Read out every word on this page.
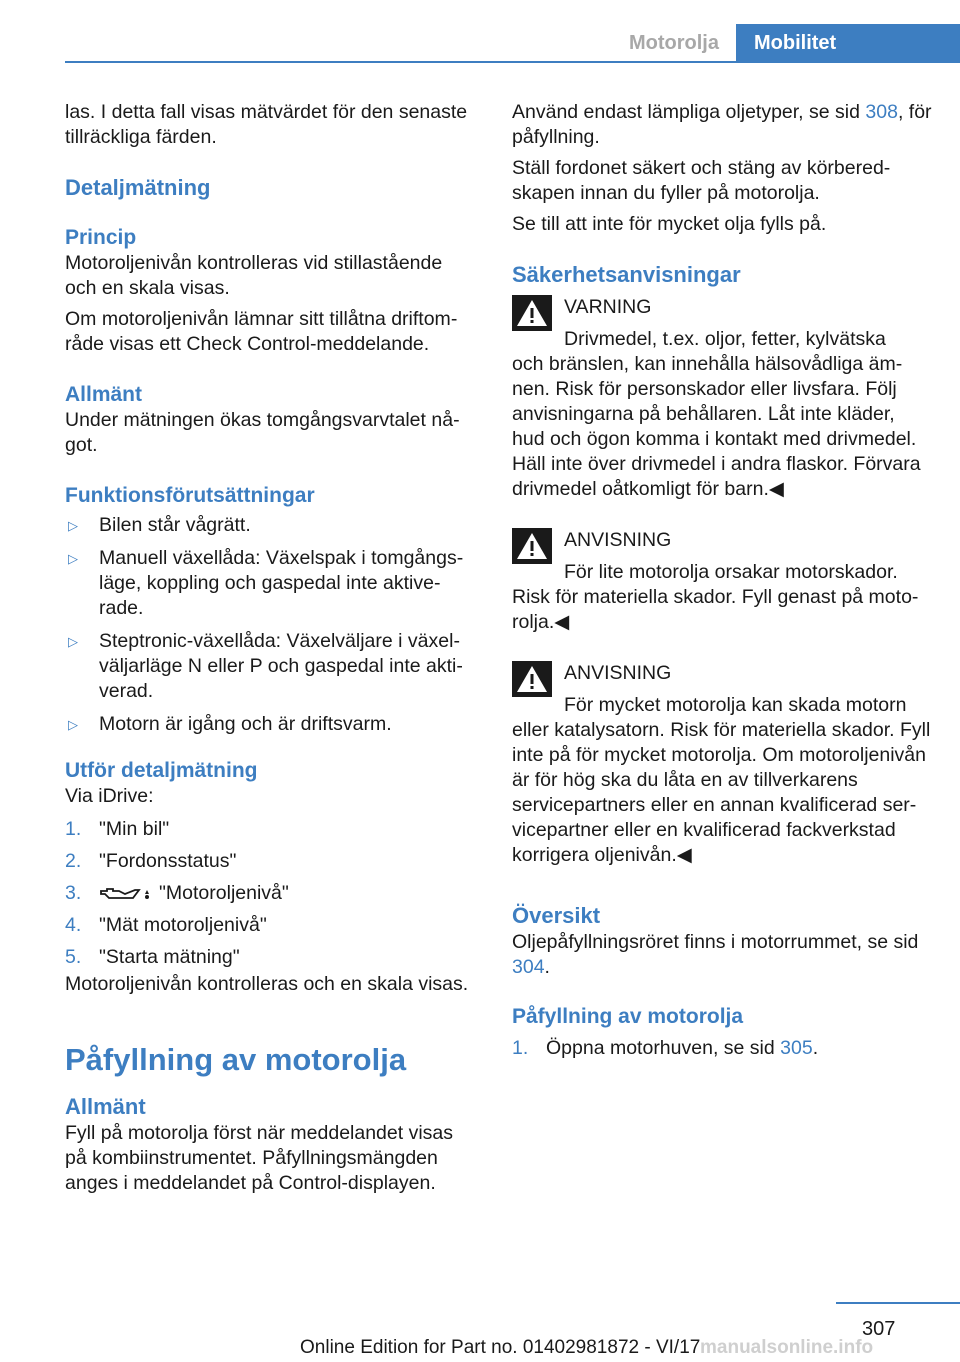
Motorolja	Mobilitet

las. I detta fall visas mätvärdet för den senaste tillräckliga färden.

Detaljmätning
Princip

Motoroljenivån kontrolleras vid stillastående och en skala visas.

Om motoroljenivån lämnar sitt tillåtna driftområde visas ett Check Control-meddelande.

Allmänt

Under mätningen ökas tomgångsvarvtalet något.

Funktionsförutsättningar
▷	Bilen står vågrätt.
▷	Manuell växellåda: Växelspak i tomgångsläge, koppling och gaspedal inte aktiverade.
▷	Steptronic-växellåda: Växelväljare i växelväljarläge N eller P och gaspedal inte aktiverad.
▷	Motorn är igång och är driftsvarm.
Utför detaljmätning

Via iDrive:

1. "Min bil"
2. "Fordonsstatus"
3.	"Motoroljenivå"
4. "Mät motoroljenivå"
5. "Starta mätning"

Motoroljenivån kontrolleras och en skala visas.

Påfyllning av motorolja
Allmänt

Fyll på motorolja först när meddelandet visas på kombiinstrumentet. Påfyllningsmängden anges i meddelandet på Control-displayen.

Använd endast lämpliga oljetyper, se sid 308, för påfyllning.

Ställ fordonet säkert och stäng av körberedskapen innan du fyller på motorolja.

Se till att inte för mycket olja fylls på.

Säkerhetsanvisningar

VARNING

Drivmedel, t.ex. oljor, fetter, kylvätska

och bränslen, kan innehålla hälsovådliga ämnen. Risk för personskador eller livsfara. Följ anvisningarna på behållaren. Låt inte kläder, hud och ögon komma i kontakt med drivmedel. Häll inte över drivmedel i andra flaskor. Förvara drivmedel oåtkomligt för barn.◀

ANVISNING

För lite motorolja orsakar motorskador.

Risk för materiella skador. Fyll genast på motorolja.◀

ANVISNING

För mycket motorolja kan skada motorn

eller katalysatorn. Risk för materiella skador. Fyll inte på för mycket motorolja. Om motoroljenivån är för hög ska du låta en av tillverkarens servicepartners eller en annan kvalificerad servicepartner eller en kvalificerad fackverkstad korrigera oljenivån.◀

Översikt

Oljepåfyllningsröret finns i motorrummet, se sid 304.

Påfyllning av motorolja
1. Öppna motorhuven, se sid 305.
307
Online Edition for Part no. 01402981872 - VI/17 manualsonline.info
